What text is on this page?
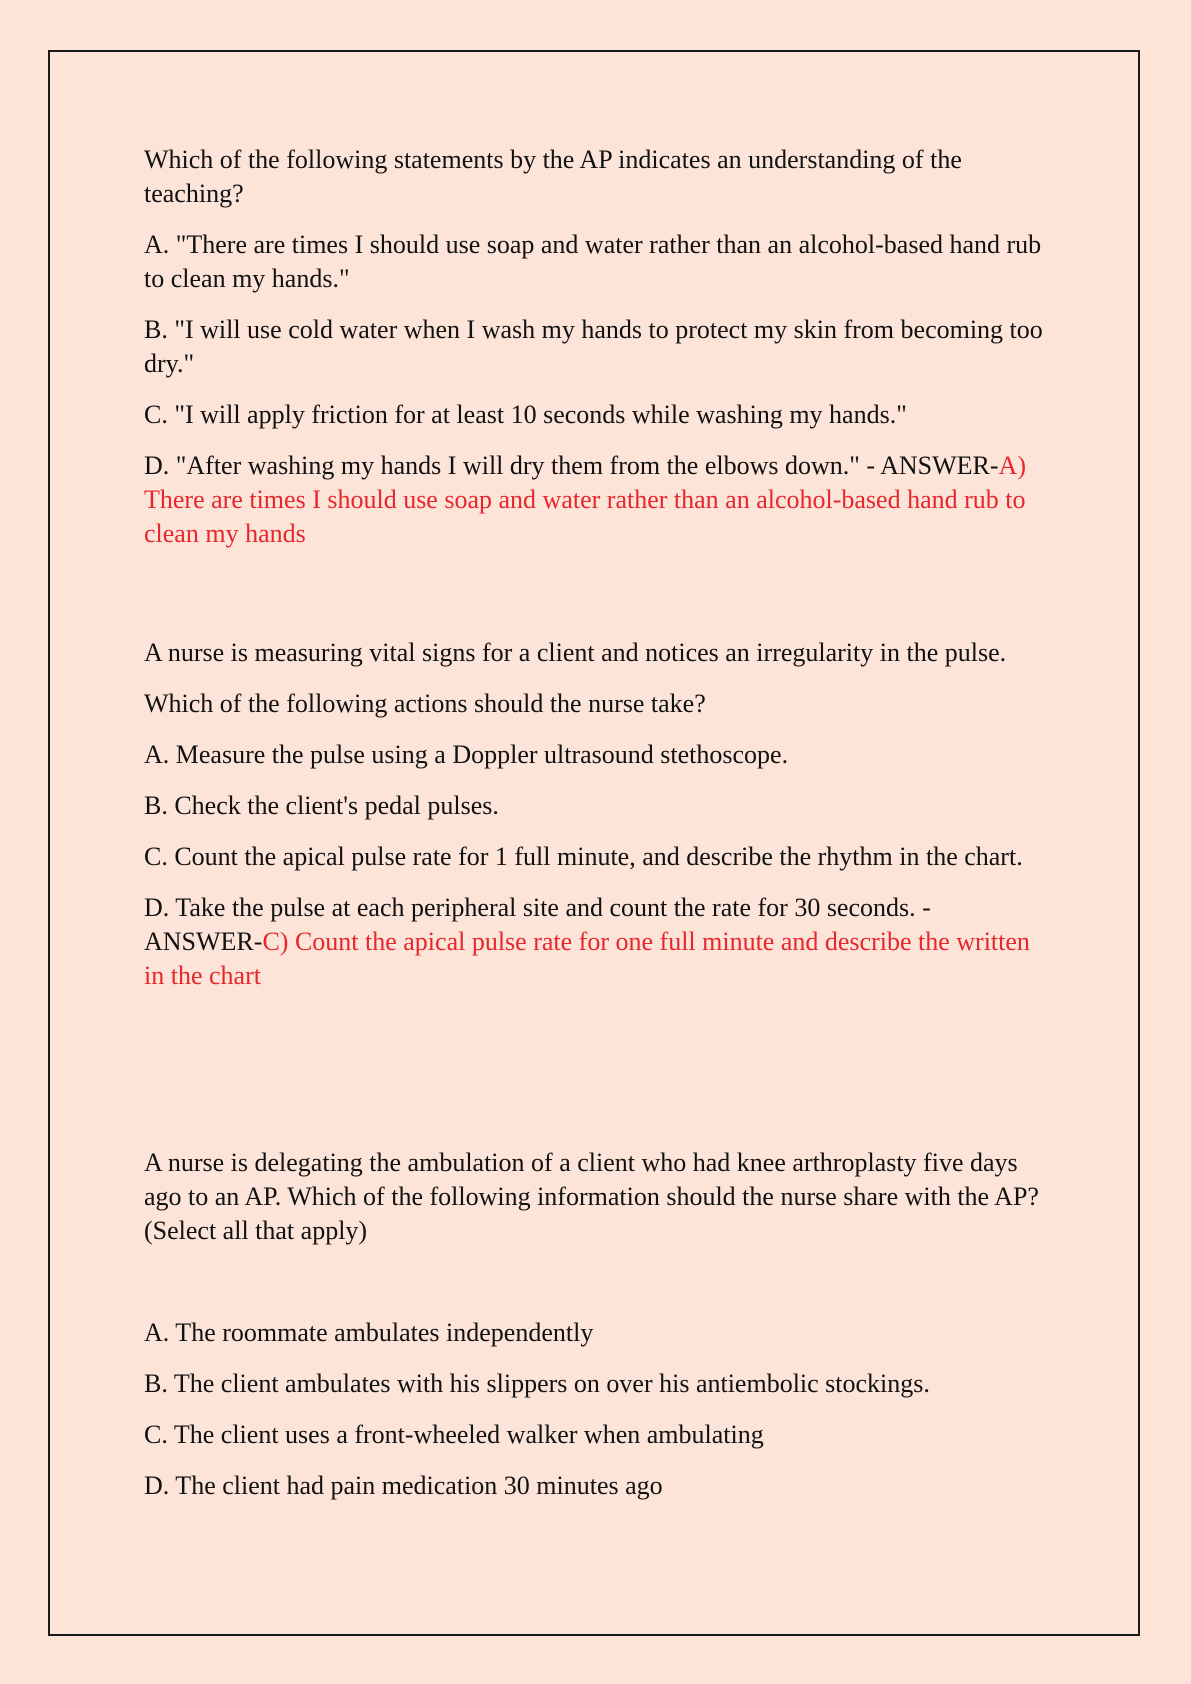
Which of the following statements by the AP indicates an understanding of the teaching?

A. "There are times I should use soap and water rather than an alcohol-based hand rub to clean my hands."

B. "I will use cold water when I wash my hands to protect my skin from becoming too dry."

C. "I will apply friction for at least 10 seconds while washing my hands."

D. "After washing my hands I will dry them from the elbows down." - ANSWER-A) There are times I should use soap and water rather than an alcohol-based hand rub to clean my hands

A nurse is measuring vital signs for a client and notices an irregularity in the pulse.

Which of the following actions should the nurse take?

A. Measure the pulse using a Doppler ultrasound stethoscope.

B. Check the client's pedal pulses.

C. Count the apical pulse rate for 1 full minute, and describe the rhythm in the chart.

D. Take the pulse at each peripheral site and count the rate for 30 seconds. - ANSWER-C) Count the apical pulse rate for one full minute and describe the written in the chart

A nurse is delegating the ambulation of a client who had knee arthroplasty five days ago to an AP. Which of the following information should the nurse share with the AP? (Select all that apply)

A. The roommate ambulates independently

B. The client ambulates with his slippers on over his antiembolic stockings.

C. The client uses a front-wheeled walker when ambulating

D. The client had pain medication 30 minutes ago
